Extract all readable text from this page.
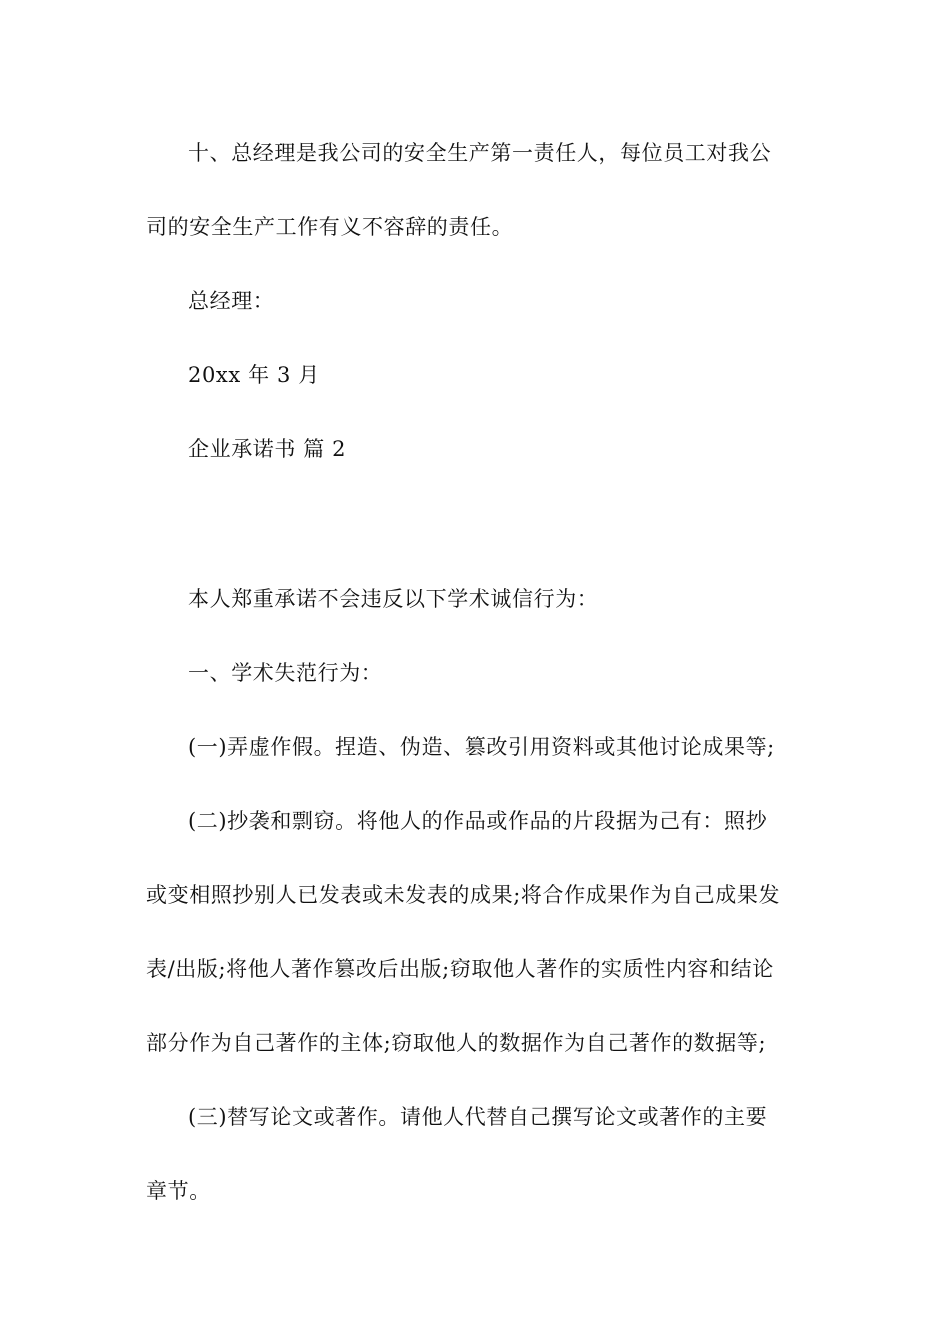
十、总经理是我公司的安全生产第一责任人，每位员工对我公
司的安全生产工作有义不容辞的责任。
总经理：
20xx 年 3 月
企业承诺书 篇 2
本人郑重承诺不会违反以下学术诚信行为：
一、学术失范行为：
(一)弄虚作假。捏造、伪造、篡改引用资料或其他讨论成果等;
(二)抄袭和剽窃。将他人的作品或作品的片段据为己有：照抄
或变相照抄别人已发表或未发表的成果;将合作成果作为自己成果发
表/出版;将他人著作篡改后出版;窃取他人著作的实质性内容和结论
部分作为自己著作的主体;窃取他人的数据作为自己著作的数据等;
(三)替写论文或著作。请他人代替自己撰写论文或著作的主要
章节。
